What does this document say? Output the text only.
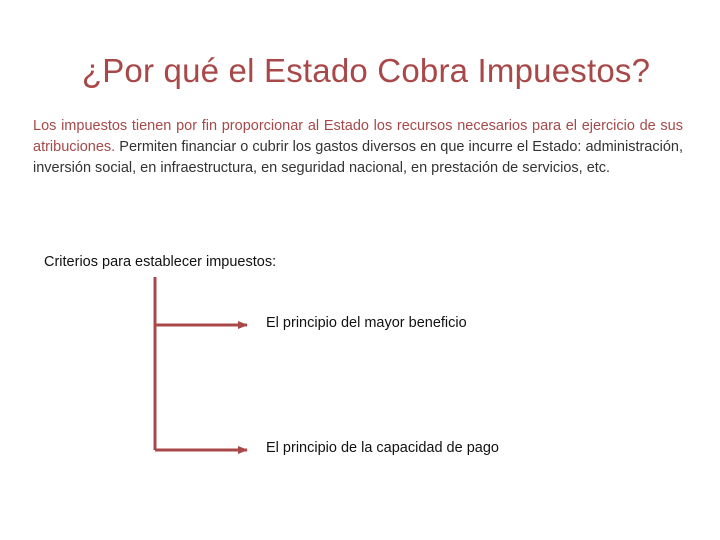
¿Por qué el Estado Cobra Impuestos?
Los impuestos tienen por fin proporcionar al Estado los recursos necesarios para el ejercicio de sus atribuciones. Permiten financiar o cubrir los gastos diversos en que incurre el Estado: administración, inversión social, en infraestructura, en seguridad nacional, en prestación de servicios, etc.
Criterios para establecer impuestos:
El principio del mayor beneficio
El principio de la capacidad de pago
